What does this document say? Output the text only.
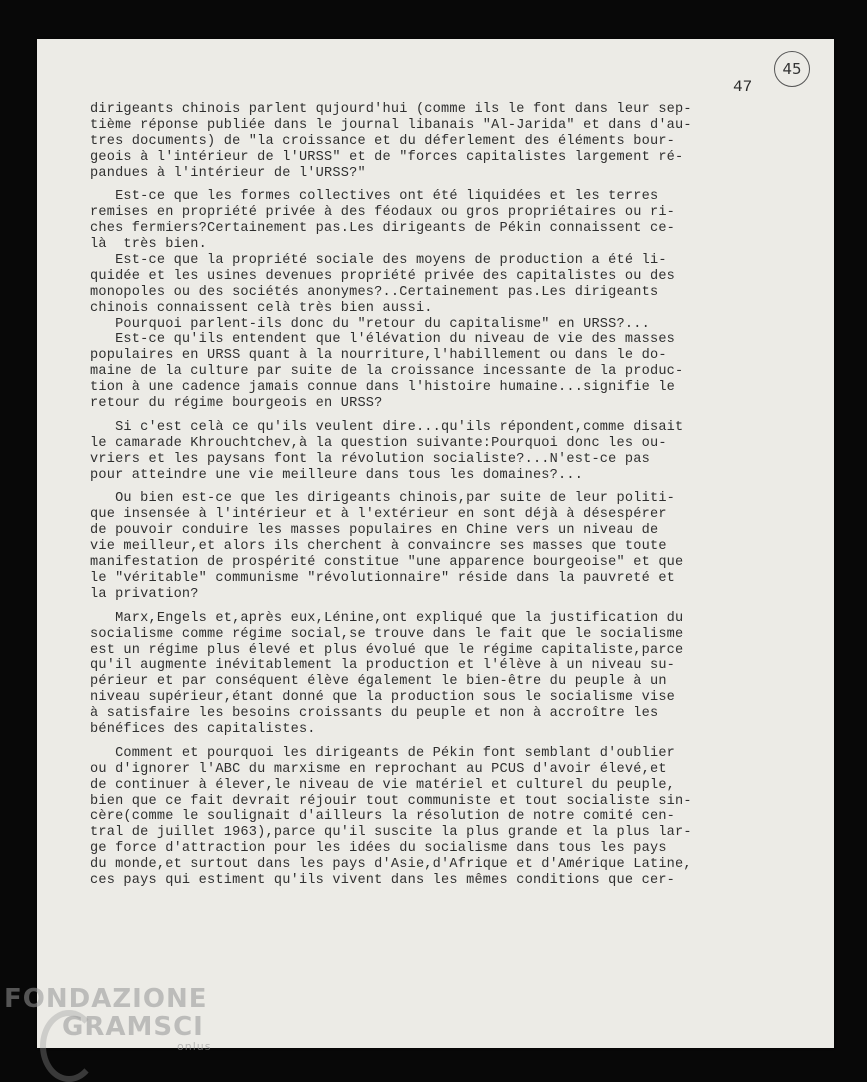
47
45
dirigeants chinois parlent qujourd'hui (comme ils le font dans leur sep-
tième réponse publiée dans le journal libanais "Al-Jarida" et dans d'au-
tres documents) de "la croissance et du déferlement des éléments bour-
geois à l'intérieur de l'URSS" et de "forces capitalistes largement ré-
pandues à l'intérieur de l'URSS?"
Est-ce que les formes collectives ont été liquidées et les terres
remises en propriété privée à des féodaux ou gros propriétaires ou ri-
ches fermiers?Certainement pas.Les dirigeants de Pékin connaissent ce-
là  très bien.
Est-ce que la propriété sociale des moyens de production a été li-
quidée et les usines devenues propriété privée des capitalistes ou des
monopoles ou des sociétés anonymes?..Certainement pas.Les dirigeants
chinois connaissent celà très bien aussi.
Pourquoi parlent-ils donc du "retour du capitalisme" en URSS?...
Est-ce qu'ils entendent que l'élévation du niveau de vie des masses
populaires en URSS quant à la nourriture,l'habillement ou dans le do-
maine de la culture par suite de la croissance incessante de la produc-
tion à une cadence jamais connue dans l'histoire humaine...signifie le
retour du régime bourgeois en URSS?
Si c'est celà ce qu'ils veulent dire...qu'ils répondent,comme disait
le camarade Khrouchtchev,à la question suivante:Pourquoi donc les ou-
vriers et les paysans font la révolution socialiste?...N'est-ce pas
pour atteindre une vie meilleure dans tous les domaines?...
Ou bien est-ce que les dirigeants chinois,par suite de leur politi-
que insensée à l'intérieur et à l'extérieur en sont déjà à désespérer
de pouvoir conduire les masses populaires en Chine vers un niveau de
vie meilleur,et alors ils cherchent à convaincre ses masses que toute
manifestation de prospérité constitue "une apparence bourgeoise" et que
le "véritable" communisme "révolutionnaire" réside dans la pauvreté et
la privation?
Marx,Engels et,après eux,Lénine,ont expliqué que la justification du
socialisme comme régime social,se trouve dans le fait que le socialisme
est un régime plus élevé et plus évolué que le régime capitaliste,parce
qu'il augmente inévitablement la production et l'élève à un niveau su-
périeur et par conséquent élève également le bien-être du peuple à un
niveau supérieur,étant donné que la production sous le socialisme vise
à satisfaire les besoins croissants du peuple et non à accroître les
bénéfices des capitalistes.
Comment et pourquoi les dirigeants de Pékin font semblant d'oublier
ou d'ignorer l'ABC du marxisme en reprochant au PCUS d'avoir élevé,et
de continuer à élever,le niveau de vie matériel et culturel du peuple,
bien que ce fait devrait réjouir tout communiste et tout socialiste sin-
cère(comme le soulignait d'ailleurs la résolution de notre comité cen-
tral de juillet 1963),parce qu'il suscite la plus grande et la plus lar-
ge force d'attraction pour les idées du socialisme dans tous les pays
du monde,et surtout dans les pays d'Asie,d'Afrique et d'Amérique Latine,
ces pays qui estiment qu'ils vivent dans les mêmes conditions que cer-
FONDAZIONE
GRAMSCI
onlus
